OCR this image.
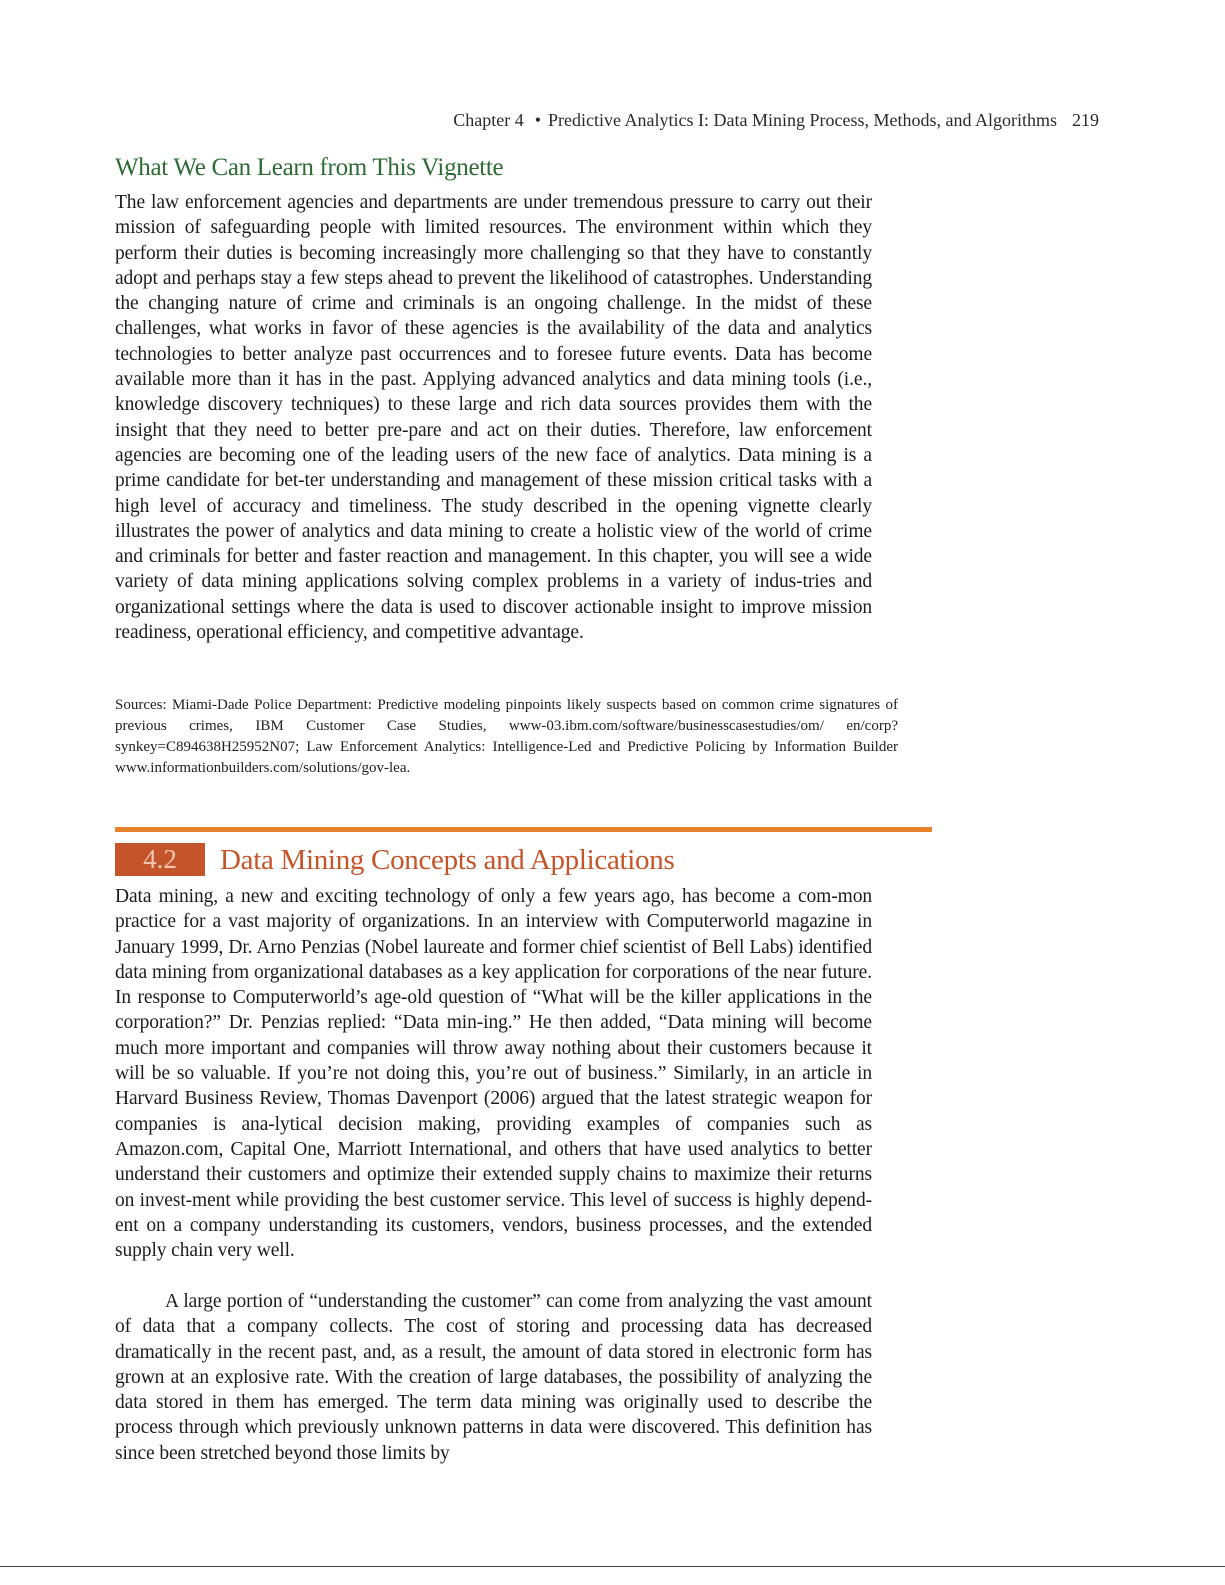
Chapter 4 • Predictive Analytics I: Data Mining Process, Methods, and Algorithms 219
What We Can Learn from This Vignette

The law enforcement agencies and departments are under tremendous pressure to carry out their mission of safeguarding people with limited resources. The environment within which they perform their duties is becoming increasingly more challenging so that they have to constantly adopt and perhaps stay a few steps ahead to prevent the likelihood of catastrophes. Understanding the changing nature of crime and criminals is an ongoing challenge. In the midst of these challenges, what works in favor of these agencies is the availability of the data and analytics technologies to better analyze past occurrences and to foresee future events. Data has become available more than it has in the past. Applying advanced analytics and data mining tools (i.e., knowledge discovery techniques) to these large and rich data sources provides them with the insight that they need to better pre-pare and act on their duties. Therefore, law enforcement agencies are becoming one of the leading users of the new face of analytics. Data mining is a prime candidate for bet-ter understanding and management of these mission critical tasks with a high level of accuracy and timeliness. The study described in the opening vignette clearly illustrates the power of analytics and data mining to create a holistic view of the world of crime and criminals for better and faster reaction and management. In this chapter, you will see a wide variety of data mining applications solving complex problems in a variety of indus-tries and organizational settings where the data is used to discover actionable insight to improve mission readiness, operational efficiency, and competitive advantage.

Sources: Miami-Dade Police Department: Predictive modeling pinpoints likely suspects based on common crime signatures of previous crimes, IBM Customer Case Studies, www-03.ibm.com/software/businesscasestudies/om/ en/corp?synkey=C894638H25952N07; Law Enforcement Analytics: Intelligence-Led and Predictive Policing by Information Builder www.informationbuilders.com/solutions/gov-lea.

4.2	Data Mining Concepts and Applications

Data mining, a new and exciting technology of only a few years ago, has become a com-mon practice for a vast majority of organizations. In an interview with Computerworld magazine in January 1999, Dr. Arno Penzias (Nobel laureate and former chief scientist of Bell Labs) identified data mining from organizational databases as a key application for corporations of the near future. In response to Computerworld’s age-old question of “What will be the killer applications in the corporation?” Dr. Penzias replied: “Data min-ing.” He then added, “Data mining will become much more important and companies will throw away nothing about their customers because it will be so valuable. If you’re not doing this, you’re out of business.” Similarly, in an article in Harvard Business Review, Thomas Davenport (2006) argued that the latest strategic weapon for companies is ana-lytical decision making, providing examples of companies such as Amazon.com, Capital One, Marriott International, and others that have used analytics to better understand their customers and optimize their extended supply chains to maximize their returns on invest-ment while providing the best customer service. This level of success is highly depend-ent on a company understanding its customers, vendors, business processes, and the extended supply chain very well.

A large portion of “understanding the customer” can come from analyzing the vast amount of data that a company collects. The cost of storing and processing data has decreased dramatically in the recent past, and, as a result, the amount of data stored in electronic form has grown at an explosive rate. With the creation of large databases, the possibility of analyzing the data stored in them has emerged. The term data mining was originally used to describe the process through which previously unknown patterns in data were discovered. This definition has since been stretched beyond those limits by
